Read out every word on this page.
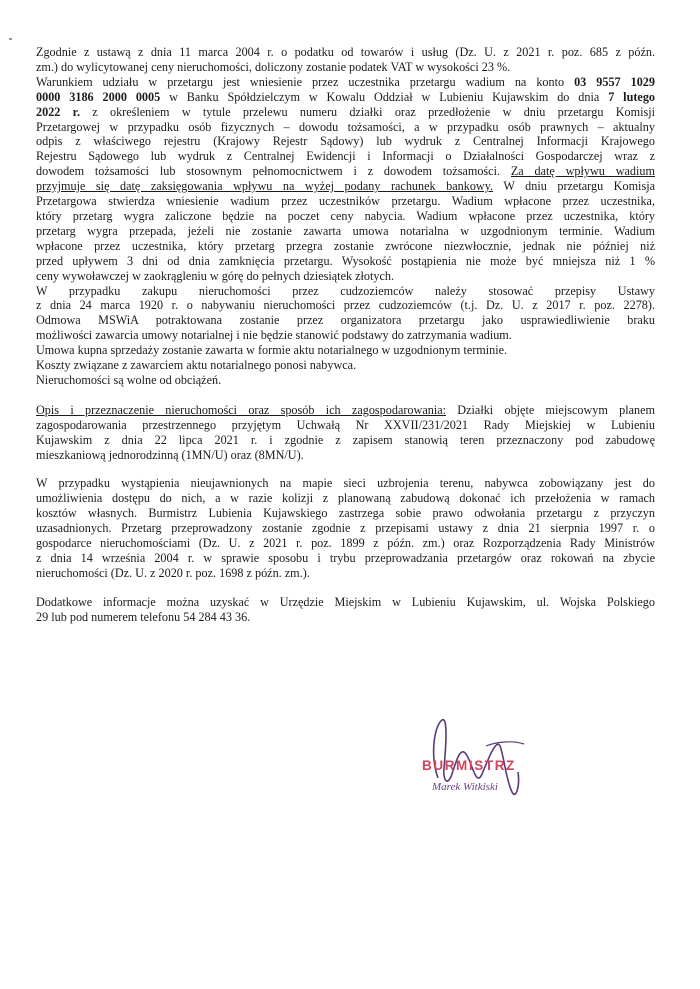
Zgodnie z ustawą z dnia 11 marca 2004 r. o podatku od towarów i usług (Dz. U. z 2021 r. poz. 685 z późn.
zm.) do wylicytowanej ceny nieruchomości, doliczony zostanie podatek VAT w wysokości 23 %.
Warunkiem udziału w przetargu jest wniesienie przez uczestnika przetargu wadium na konto 03 9557 1029
0000 3186 2000 0005 w Banku Spółdzielczym w Kowalu Oddział w Lubieniu Kujawskim do dnia 7 lutego
2022 r. z określeniem w tytule przelewu numeru działki oraz przedłożenie w dniu przetargu Komisji
Przetargowej w przypadku osób fizycznych – dowodu tożsamości, a w przypadku osób prawnych – aktualny
odpis z właściwego rejestru (Krajowy Rejestr Sądowy) lub wydruk z Centralnej Informacji Krajowego
Rejestru Sądowego lub wydruk z Centralnej Ewidencji i Informacji o Działalności Gospodarczej wraz z
dowodem tożsamości lub stosownym pełnomocnictwem i z dowodem tożsamości. Za datę wpływu wadium
przyjmuje się datę zaksięgowania wpływu na wyżej podany rachunek bankowy. W dniu przetargu Komisja
Przetargowa stwierdza wniesienie wadium przez uczestników przetargu. Wadium wpłacone przez uczestnika,
który przetarg wygra zaliczone będzie na poczet ceny nabycia. Wadium wpłacone przez uczestnika, który
przetarg wygra przepada, jeżeli nie zostanie zawarta umowa notarialna w uzgodnionym terminie. Wadium
wpłacone przez uczestnika, który przetarg przegra zostanie zwrócone niezwłocznie, jednak nie później niż
przed upływem 3 dni od dnia zamknięcia przetargu. Wysokość postąpienia nie może być mniejsza niż 1 %
ceny wywoławczej w zaokrągleniu w górę do pełnych dziesiątek złotych.
W przypadku zakupu nieruchomości przez cudzoziemców należy stosować przepisy Ustawy
z dnia 24 marca 1920 r. o nabywaniu nieruchomości przez cudzoziemców (t.j. Dz. U. z 2017 r. poz. 2278).
Odmowa MSWiA potraktowana zostanie przez organizatora przetargu jako usprawiedliwienie braku
możliwości zawarcia umowy notarialnej i nie będzie stanowić podstawy do zatrzymania wadium.
Umowa kupna sprzedaży zostanie zawarta w formie aktu notarialnego w uzgodnionym terminie.
Koszty związane z zawarciem aktu notarialnego ponosi nabywca.
Nieruchomości są wolne od obciążeń.
Opis i przeznaczenie nieruchomości oraz sposób ich zagospodarowania: Działki objęte miejscowym planem
zagospodarowania przestrzennego przyjętym Uchwałą Nr XXVII/231/2021 Rady Miejskiej w Lubieniu
Kujawskim z dnia 22 lipca 2021 r. i zgodnie z zapisem stanowią teren przeznaczony pod zabudowę
mieszkaniową jednorodzinną (1MN/U) oraz (8MN/U).
W przypadku wystąpienia nieujawnionych na mapie sieci uzbrojenia terenu, nabywca zobowiązany jest do
umożliwienia dostępu do nich, a w razie kolizji z planowaną zabudową dokonać ich przełożenia w ramach
kosztów własnych. Burmistrz Lubienia Kujawskiego zastrzega sobie prawo odwołania przetargu z przyczyn
uzasadnionych. Przetarg przeprowadzony zostanie zgodnie z przepisami ustawy z dnia 21 sierpnia 1997 r. o
gospodarce nieruchomościami (Dz. U. z 2021 r. poz. 1899 z późn. zm.) oraz Rozporządzenia Rady Ministrów
z dnia 14 września 2004 r. w sprawie sposobu i trybu przeprowadzania przetargów oraz rokowań na zbycie
nieruchomości (Dz. U. z 2020 r. poz. 1698 z późn. zm.).
Dodatkowe informacje można uzyskać w Urzędzie Miejskim w Lubieniu Kujawskim, ul. Wojska Polskiego
29 lub pod numerem telefonu 54 284 43 36.
BURMISTRZ
Marek Witkiski
